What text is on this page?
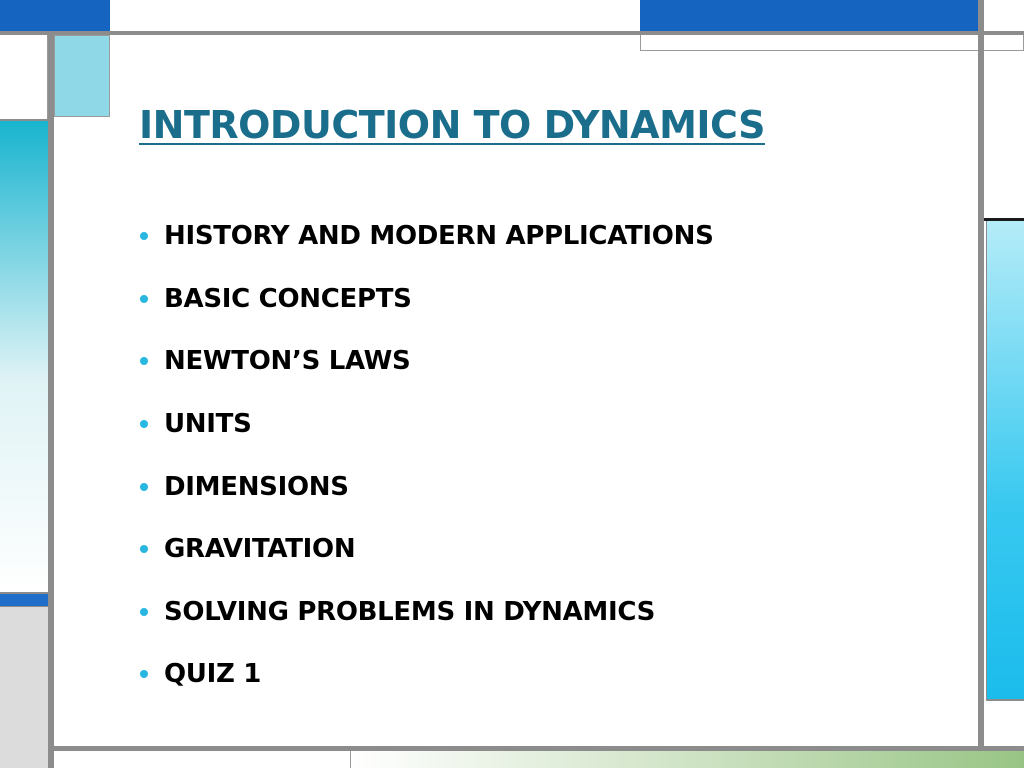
INTRODUCTION TO DYNAMICS
HISTORY AND MODERN APPLICATIONS
BASIC CONCEPTS
NEWTON’S LAWS
UNITS
DIMENSIONS
GRAVITATION
SOLVING PROBLEMS IN DYNAMICS
QUIZ 1
